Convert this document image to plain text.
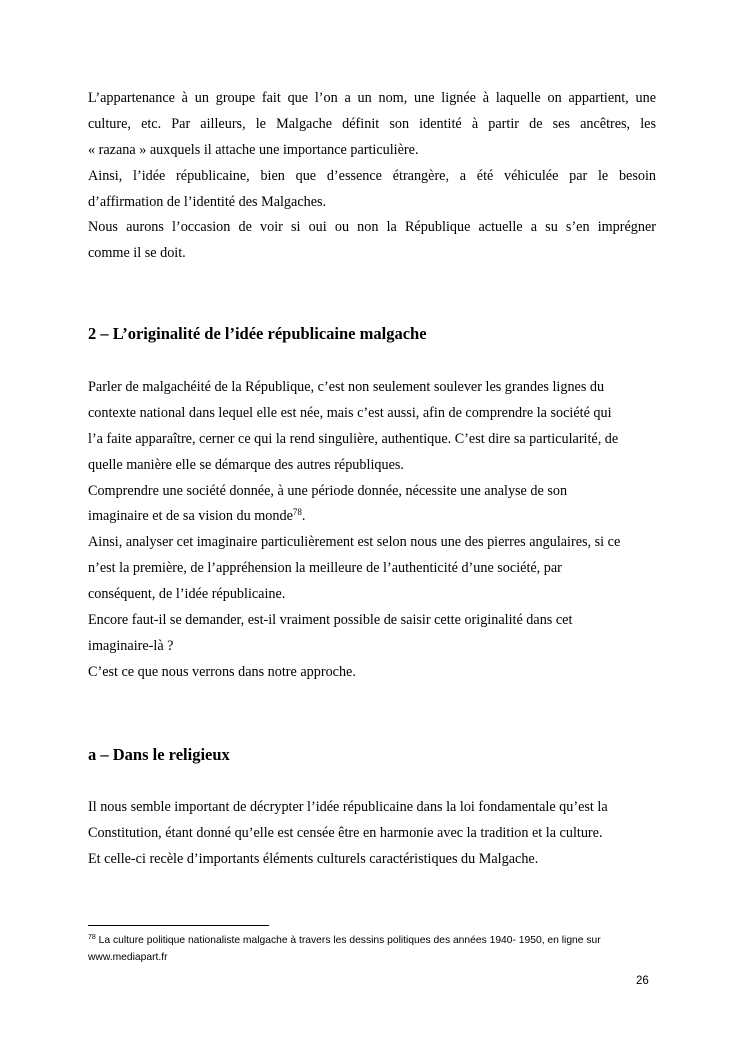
L’appartenance à un groupe fait que l’on a un nom, une lignée à laquelle on appartient, une
culture, etc. Par ailleurs, le Malgache définit son identité à partir de ses ancêtres, les
« razana » auxquels il attache une importance particulière.
Ainsi, l’idée républicaine, bien que d’essence étrangère, a été véhiculée par le besoin
d’affirmation de l’identité des Malgaches.
Nous aurons l’occasion de voir si oui ou non la République actuelle a su s’en imprégner
comme il se doit.
2 – L’originalité de l’idée républicaine malgache
Parler de malgachéité de la République, c’est non seulement soulever les grandes lignes du
contexte national dans lequel elle est née, mais c’est aussi, afin de comprendre la société qui
l’a faite apparaître, cerner ce qui la rend singulière, authentique. C’est dire sa particularité, de
quelle manière elle se démarque des autres républiques.
Comprendre une société donnée, à une période donnée, nécessite une analyse de son
imaginaire et de sa vision du monde$^{78}$.
Ainsi, analyser cet imaginaire particulièrement est selon nous une des pierres angulaires, si ce
n’est la première, de l’appréhension la meilleure de l’authenticité d’une société, par
conséquent, de l’idée républicaine.
Encore faut-il se demander, est-il vraiment possible de saisir cette originalité dans cet
imaginaire-là ?
C’est ce que nous verrons dans notre approche.
a – Dans le religieux
Il nous semble important de décrypter l’idée républicaine dans la loi fondamentale qu’est la
Constitution, étant donné qu’elle est censée être en harmonie avec la tradition et la culture.
Et celle-ci recèle d’importants éléments culturels caractéristiques du Malgache.
$^{78}$ La culture politique nationaliste malgache à travers les dessins politiques des années 1940- 1950, en ligne sur
www.mediapart.fr
26
